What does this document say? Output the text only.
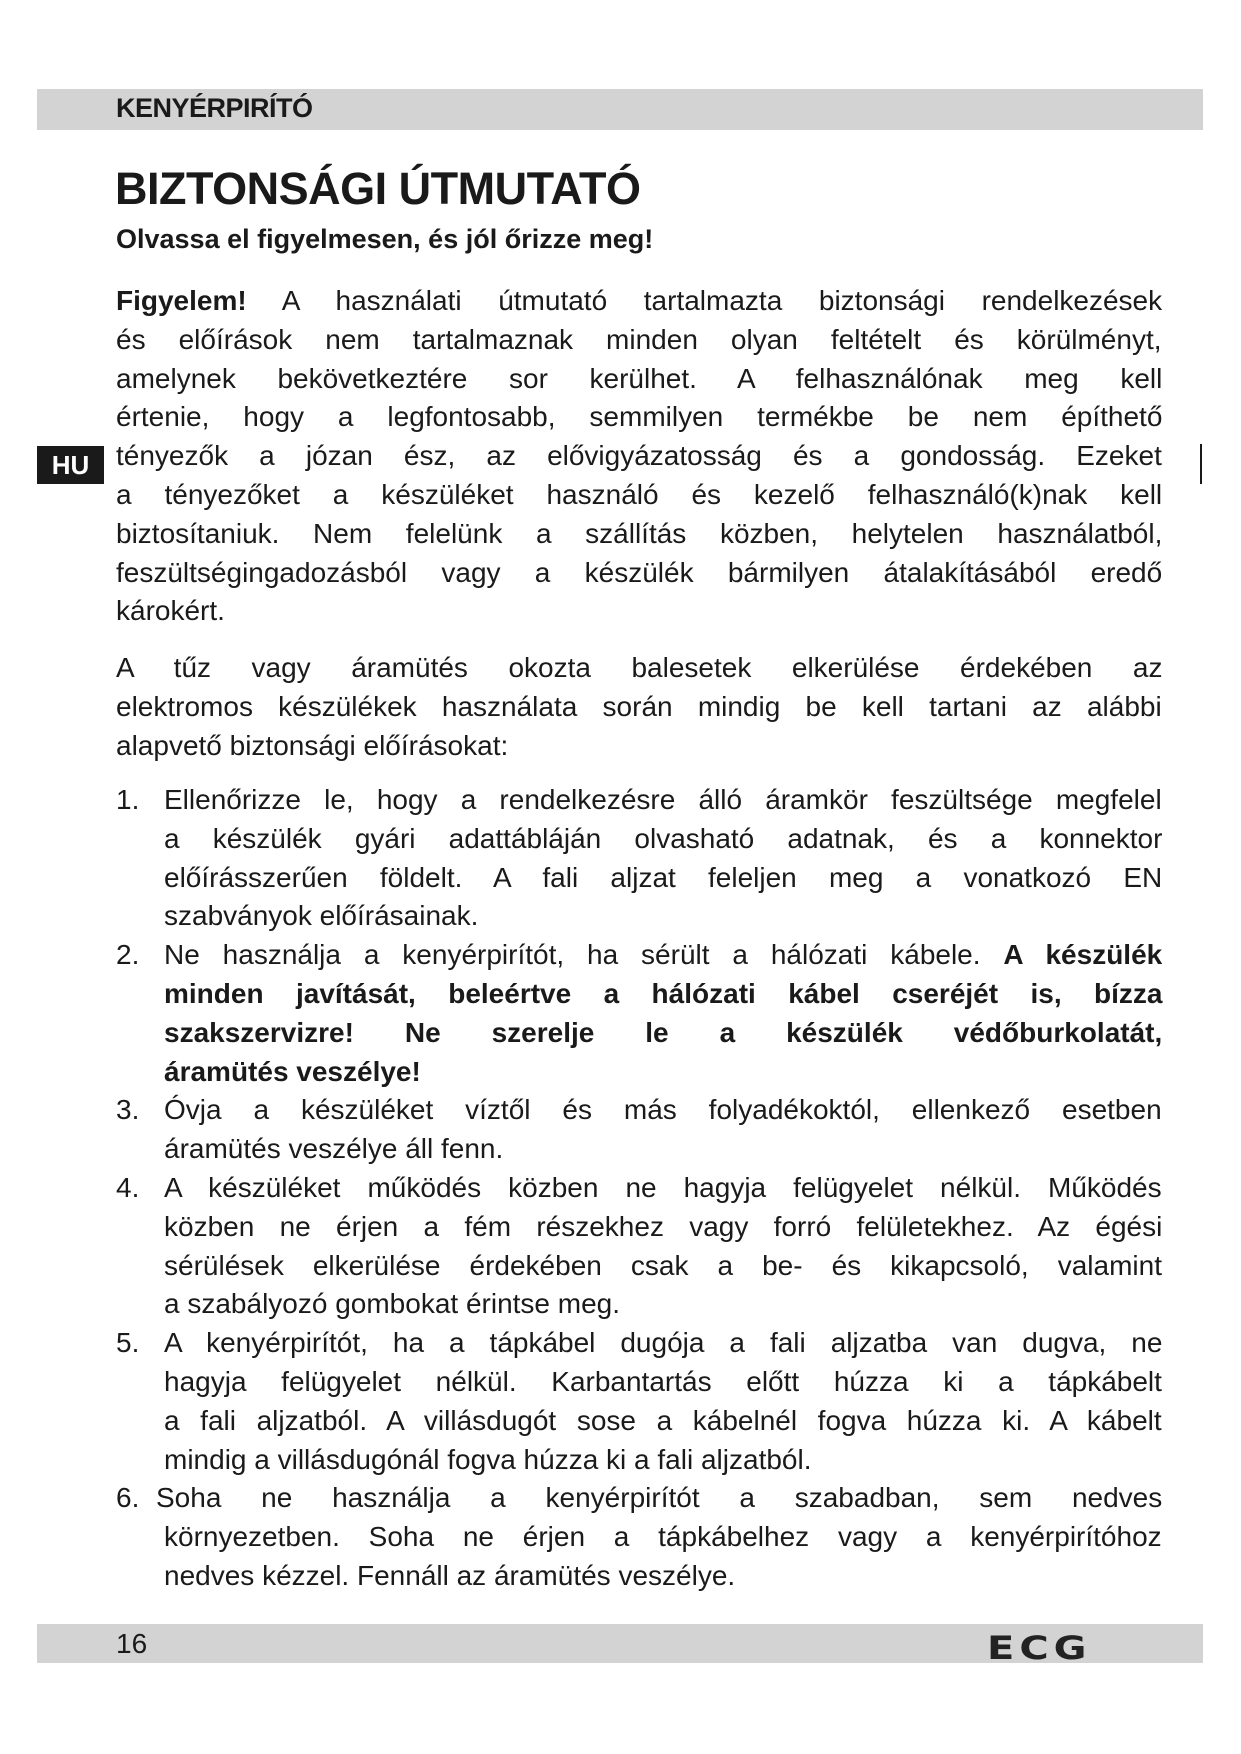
KENYÉRPIRÍTÓ
BIZTONSÁGI ÚTMUTATÓ
Olvassa el figyelmesen, és jól őrizze meg!
HU
Figyelem! A használati útmutató tartalmazta biztonsági rendelkezések
és előírások nem tartalmaznak minden olyan feltételt és körülményt,
amelynek bekövetkeztére sor kerülhet. A felhasználónak meg kell
értenie, hogy a legfontosabb, semmilyen termékbe be nem építhető
tényezők a józan ész, az elővigyázatosság és a gondosság. Ezeket
a tényezőket a készüléket használó és kezelő felhasználó(k)nak kell
biztosítaniuk. Nem felelünk a szállítás közben, helytelen használatból,
feszültségingadozásból vagy a készülék bármilyen átalakításából eredő
károkért.
A tűz vagy áramütés okozta balesetek elkerülése érdekében az
elektromos készülékek használata során mindig be kell tartani az alábbi
alapvető biztonsági előírásokat:
1. Ellenőrizze le, hogy a rendelkezésre álló áramkör feszültsége megfelel
a készülék gyári adattábláján olvasható adatnak, és a konnektor
előírásszerűen földelt. A fali aljzat feleljen meg a vonatkozó EN
szabványok előírásainak.
2. Ne használja a kenyérpirítót, ha sérült a hálózati kábele. A készülék
minden javítását, beleértve a hálózati kábel cseréjét is, bízza
szakszervizre! Ne szerelje le a készülék védőburkolatát,
áramütés veszélye!
3. Óvja a készüléket víztől és más folyadékoktól, ellenkező esetben
áramütés veszélye áll fenn.
4. A készüléket működés közben ne hagyja felügyelet nélkül. Működés
közben ne érjen a fém részekhez vagy forró felületekhez. Az égési
sérülések elkerülése érdekében csak a be- és kikapcsoló, valamint
a szabályozó gombokat érintse meg.
5. A kenyérpirítót, ha a tápkábel dugója a fali aljzatba van dugva, ne
hagyja felügyelet nélkül. Karbantartás előtt húzza ki a tápkábelt
a fali aljzatból. A villásdugót sose a kábelnél fogva húzza ki. A kábelt
mindig a villásdugónál fogva húzza ki a fali aljzatból.
6. Soha ne használja a kenyérpirítót a szabadban, sem nedves
környezetben. Soha ne érjen a tápkábelhez vagy a kenyérpirítóhoz
nedves kézzel. Fennáll az áramütés veszélye.
16	ECG
